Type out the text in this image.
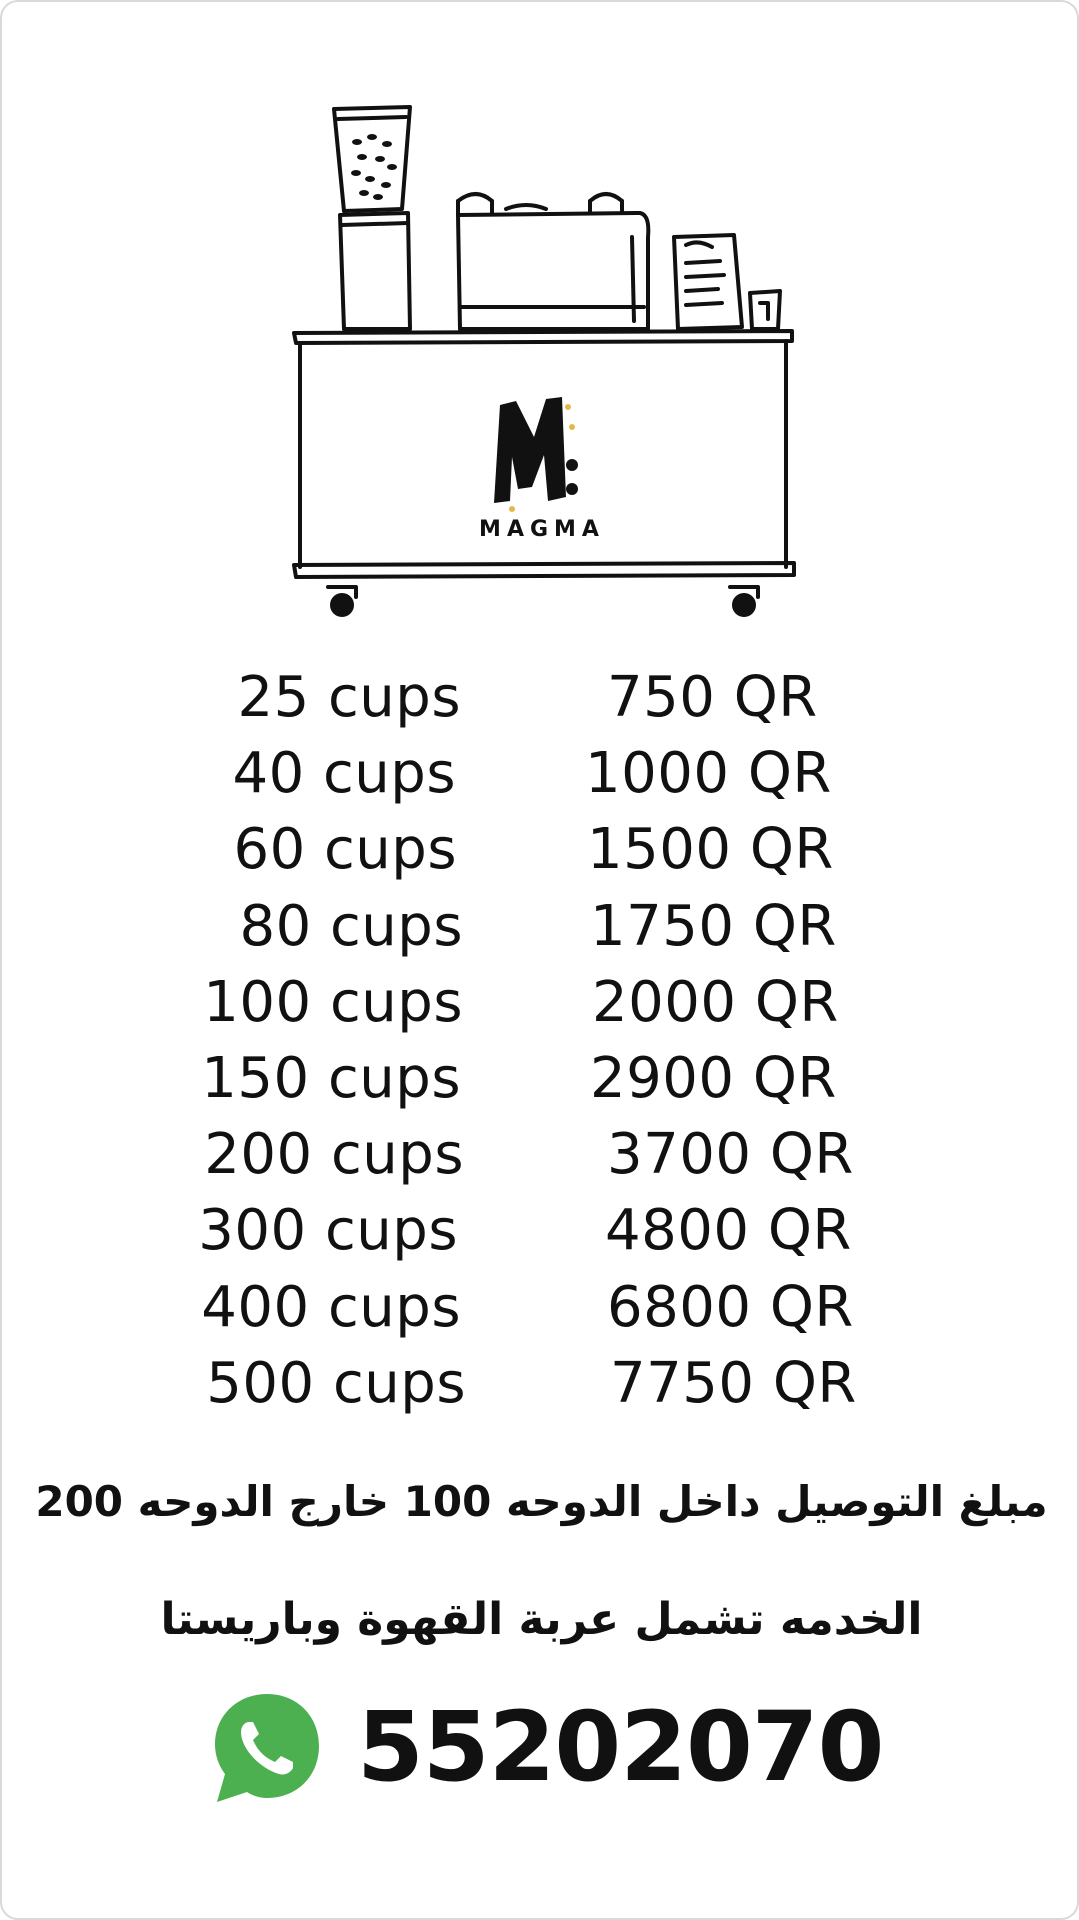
MAGMA
25 cups	750 QR
40 cups 1000 QR
60 cups 1500 QR
80 cups 1750 QR
100 cups 2000 QR
150 cups 2900 QR
200 cups	3700 QR
300 cups	4800 QR
400 cups	6800 QR
500 cups	7750 QR
مبلغ التوصيل داخل الدوحه 100 خارج الدوحه 200
الخدمه تشمل عربة القهوة وباريستا
55202070
